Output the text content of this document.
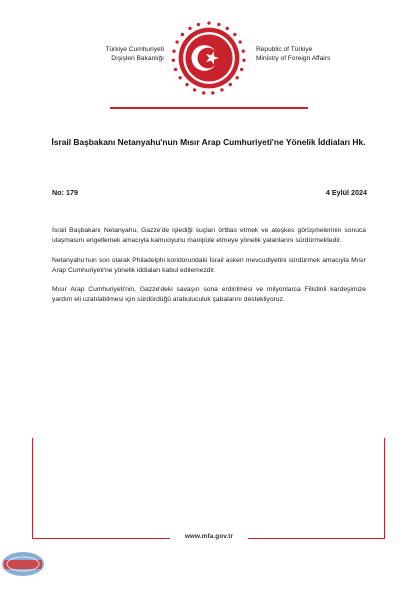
Türkiye Cumhuriyeti
Dışişleri Bakanlığı
Republic of Türkiye
Ministry of Foreign Affairs
İsrail Başbakanı Netanyahu'nun Mısır Arap Cumhuriyeti'ne Yönelik İddiaları Hk.
No: 179	4 Eylül 2024

İsrail Başbakanı Netanyahu, Gazze'de işlediği suçları örtbas etmek ve ateşkes görüşmelerinin sonuca ulaşmasını engellemek amacıyla kamuoyunu manipüle etmeye yönelik yalanlarını sürdürmektedir.

Netanyahu'nun son olarak Philadelphi koridorundaki İsrail askeri mevcudiyetini sürdürmek amacıyla Mısır Arap Cumhuriyeti'ne yönelik iddiaları kabul edilemezdir.

Mısır Arap Cumhuriyeti'nin, Gazze'deki savaşın sona erdirilmesi ve milyonlarca Filistinli kardeşimize yardım eli uzatılabilmesi için sürdürdüğü arabuluculuk çabalarını destekliyoruz.

www.mfa.gov.tr
